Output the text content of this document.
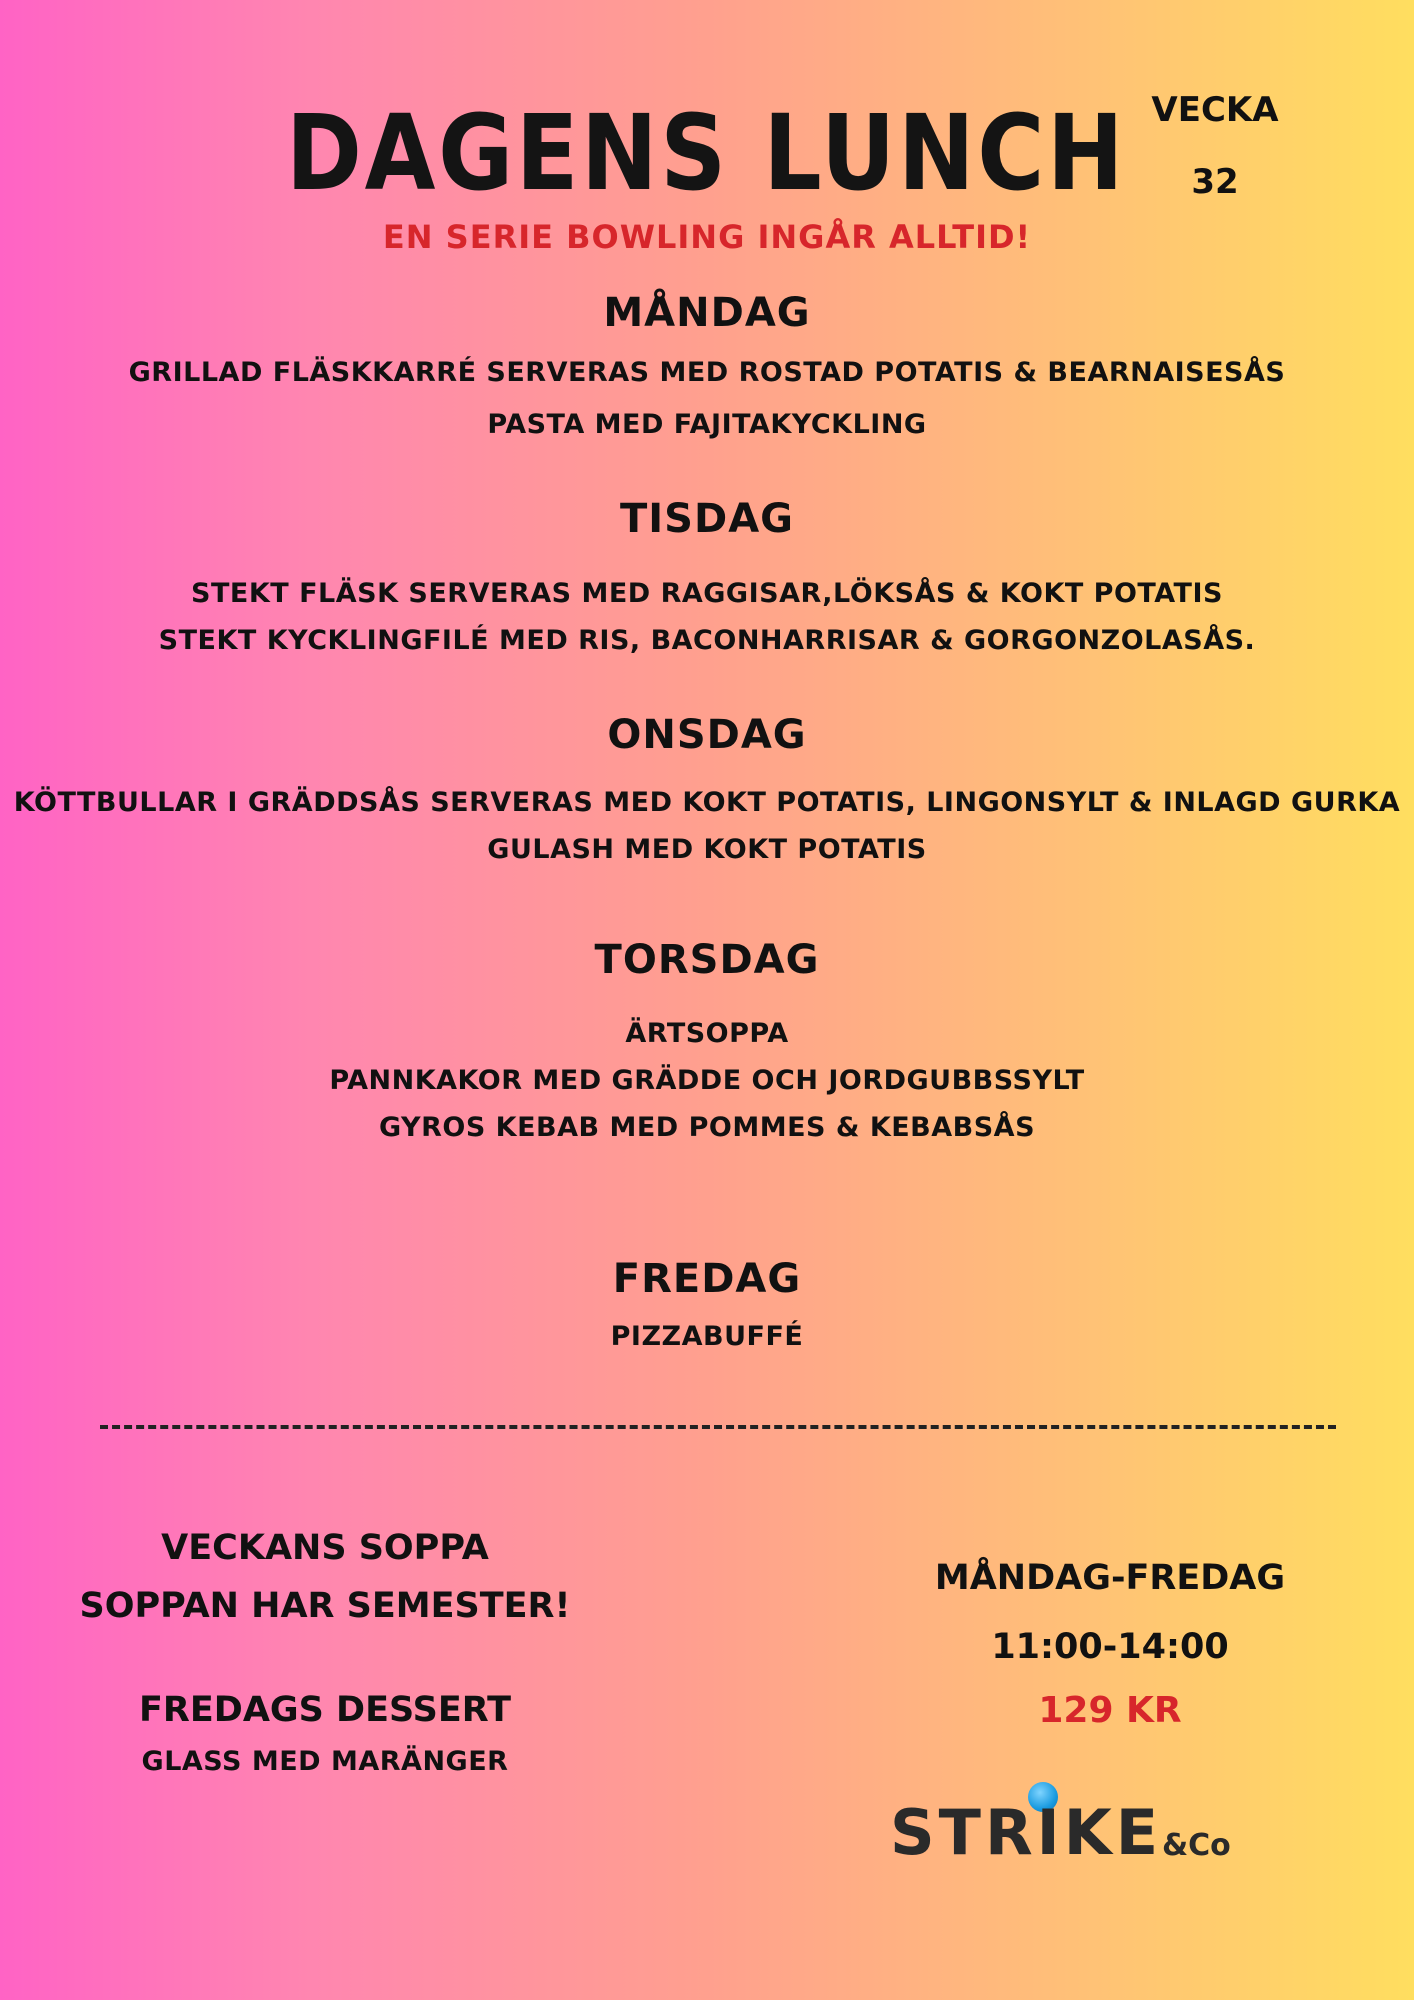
DAGENS LUNCH VECKA
32
EN SERIE BOWLING INGÅR ALLTID!
MÅNDAG
GRILLAD FLÄSKKARRÉ SERVERAS MED ROSTAD POTATIS & BEARNAISESÅS
PASTA MED FAJITAKYCKLING
TISDAG
STEKT FLÄSK SERVERAS MED RAGGISAR,LÖKSÅS & KOKT POTATIS
STEKT KYCKLINGFILÉ MED RIS, BACONHARRISAR & GORGONZOLASÅS.
ONSDAG
KÖTTBULLAR I GRÄDDSÅS SERVERAS MED KOKT POTATIS, LINGONSYLT & INLAGD GURKA
GULASH MED KOKT POTATIS
TORSDAG
ÄRTSOPPA
PANNKAKOR MED GRÄDDE OCH JORDGUBBSSYLT
GYROS KEBAB MED POMMES & KEBABSÅS
FREDAG
PIZZABUFFÉ
VECKANS SOPPA
SOPPAN HAR SEMESTER!
FREDAGS DESSERT
GLASS MED MARÄNGER
MÅNDAG-FREDAG
11:00-14:00
129 KR
STRIKE &Co
